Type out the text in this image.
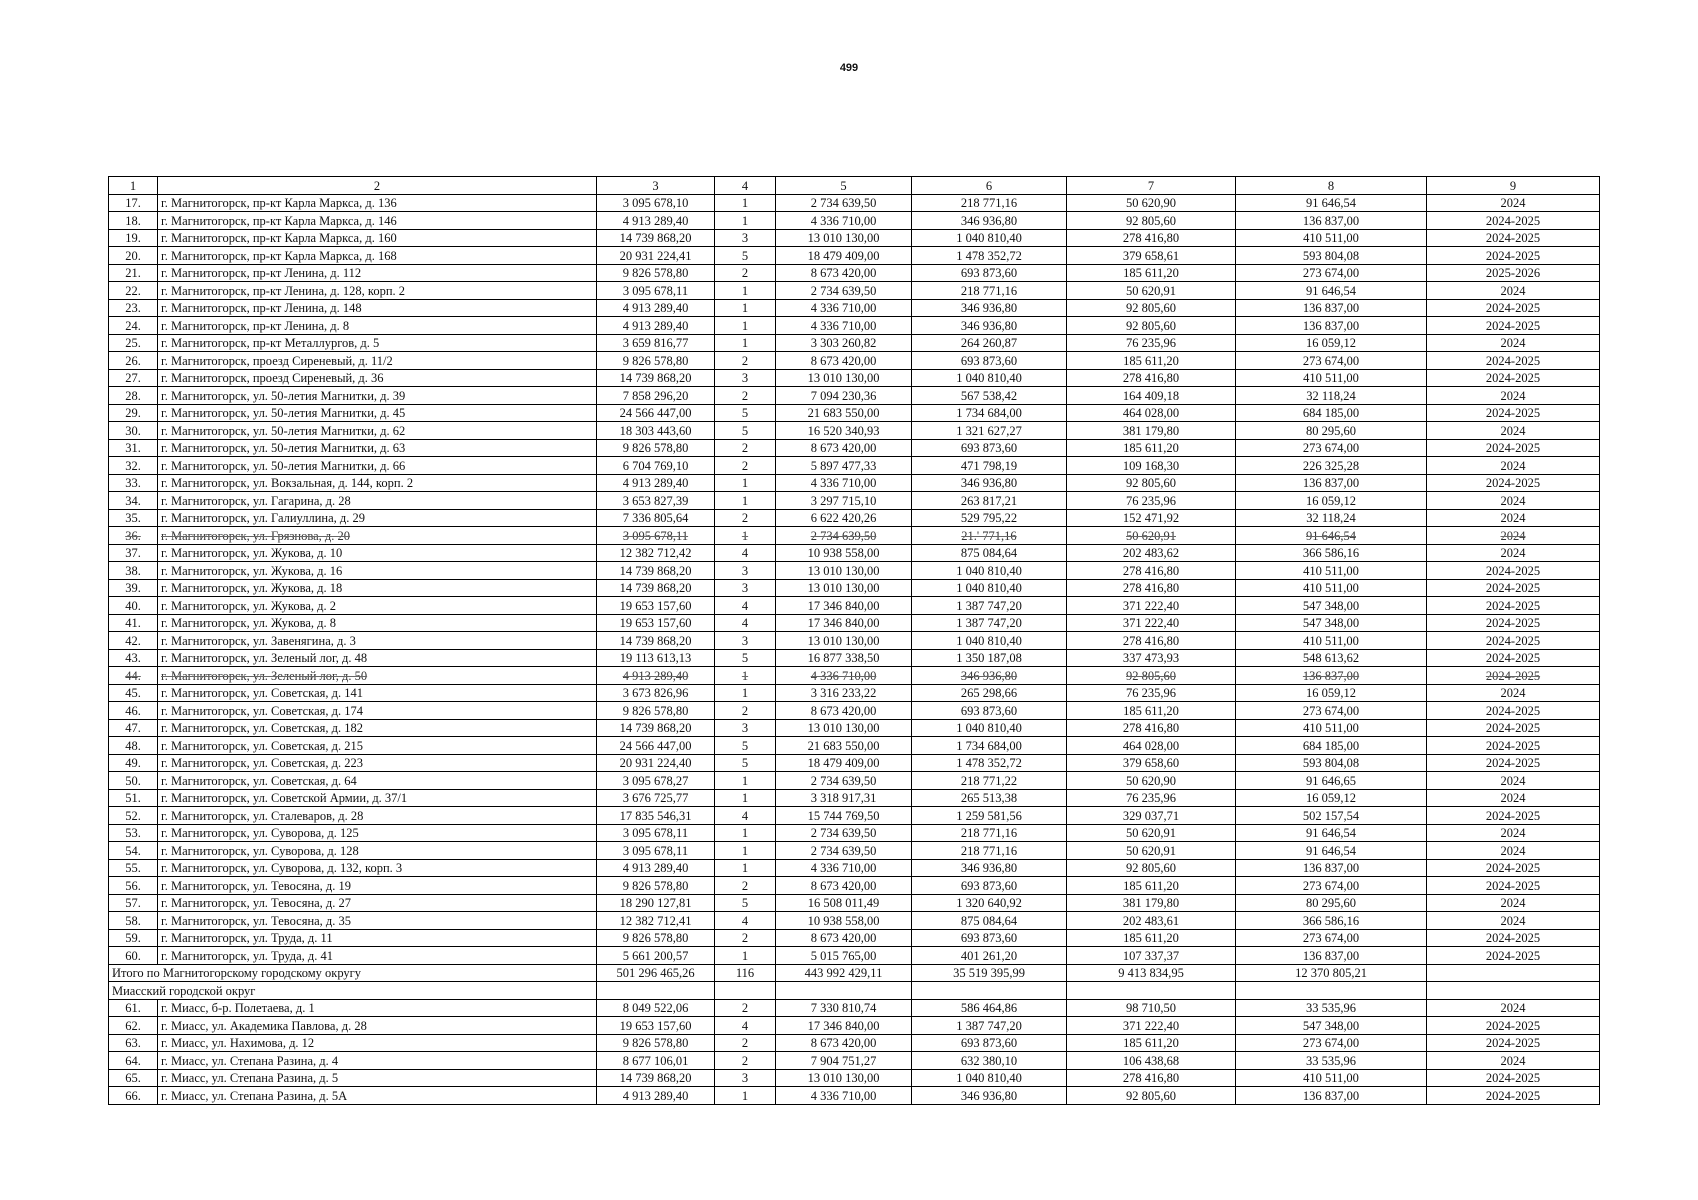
499
1	2	3	4	5	6	7	8	9
17.	г. Магнитогорск, пр-кт Карла Маркса, д. 136	3 095 678,10	1	2 734 639,50	218 771,16	50 620,90	91 646,54	2024
18.	г. Магнитогорск, пр-кт Карла Маркса, д. 146	4 913 289,40	1	4 336 710,00	346 936,80	92 805,60	136 837,00	2024-2025
19.	г. Магнитогорск, пр-кт Карла Маркса, д. 160	14 739 868,20	3	13 010 130,00	1 040 810,40	278 416,80	410 511,00	2024-2025
20.	г. Магнитогорск, пр-кт Карла Маркса, д. 168	20 931 224,41	5	18 479 409,00	1 478 352,72	379 658,61	593 804,08	2024-2025
21.	г. Магнитогорск, пр-кт Ленина, д. 112	9 826 578,80	2	8 673 420,00	693 873,60	185 611,20	273 674,00	2025-2026
22.	г. Магнитогорск, пр-кт Ленина, д. 128, корп. 2	3 095 678,11	1	2 734 639,50	218 771,16	50 620,91	91 646,54	2024
23.	г. Магнитогорск, пр-кт Ленина, д. 148	4 913 289,40	1	4 336 710,00	346 936,80	92 805,60	136 837,00	2024-2025
24.	г. Магнитогорск, пр-кт Ленина, д. 8	4 913 289,40	1	4 336 710,00	346 936,80	92 805,60	136 837,00	2024-2025
25.	г. Магнитогорск, пр-кт Металлургов, д. 5	3 659 816,77	1	3 303 260,82	264 260,87	76 235,96	16 059,12	2024
26.	г. Магнитогорск, проезд Сиреневый, д. 11/2	9 826 578,80	2	8 673 420,00	693 873,60	185 611,20	273 674,00	2024-2025
27.	г. Магнитогорск, проезд Сиреневый, д. 36	14 739 868,20	3	13 010 130,00	1 040 810,40	278 416,80	410 511,00	2024-2025
28.	г. Магнитогорск, ул. 50-летия Магнитки, д. 39	7 858 296,20	2	7 094 230,36	567 538,42	164 409,18	32 118,24	2024
29.	г. Магнитогорск, ул. 50-летия Магнитки, д. 45	24 566 447,00	5	21 683 550,00	1 734 684,00	464 028,00	684 185,00	2024-2025
30.	г. Магнитогорск, ул. 50-летия Магнитки, д. 62	18 303 443,60	5	16 520 340,93	1 321 627,27	381 179,80	80 295,60	2024
31.	г. Магнитогорск, ул. 50-летия Магнитки, д. 63	9 826 578,80	2	8 673 420,00	693 873,60	185 611,20	273 674,00	2024-2025
32.	г. Магнитогорск, ул. 50-летия Магнитки, д. 66	6 704 769,10	2	5 897 477,33	471 798,19	109 168,30	226 325,28	2024
33.	г. Магнитогорск, ул. Вокзальная, д. 144, корп. 2	4 913 289,40	1	4 336 710,00	346 936,80	92 805,60	136 837,00	2024-2025
34.	г. Магнитогорск, ул. Гагарина, д. 28	3 653 827,39	1	3 297 715,10	263 817,21	76 235,96	16 059,12	2024
35.	г. Магнитогорск, ул. Галиуллина, д. 29	7 336 805,64	2	6 622 420,26	529 795,22	152 471,92	32 118,24	2024
36.	г. Магнитогорск, ул. Грязнова, д. 20	3 095 678,11	1	2 734 639,50	21.' 771,16	50 620,91	91 646,54	2024
37.	г. Магнитогорск, ул. Жукова, д. 10	12 382 712,42	4	10 938 558,00	875 084,64	202 483,62	366 586,16	2024
38.	г. Магнитогорск, ул. Жукова, д. 16	14 739 868,20	3	13 010 130,00	1 040 810,40	278 416,80	410 511,00	2024-2025
39.	г. Магнитогорск, ул. Жукова, д. 18	14 739 868,20	3	13 010 130,00	1 040 810,40	278 416,80	410 511,00	2024-2025
40.	г. Магнитогорск, ул. Жукова, д. 2	19 653 157,60	4	17 346 840,00	1 387 747,20	371 222,40	547 348,00	2024-2025
41.	г. Магнитогорск, ул. Жукова, д. 8	19 653 157,60	4	17 346 840,00	1 387 747,20	371 222,40	547 348,00	2024-2025
42.	г. Магнитогорск, ул. Завенягина, д. 3	14 739 868,20	3	13 010 130,00	1 040 810,40	278 416,80	410 511,00	2024-2025
43.	г. Магнитогорск, ул. Зеленый лог, д. 48	19 113 613,13	5	16 877 338,50	1 350 187,08	337 473,93	548 613,62	2024-2025
44.	г. Магнитогорск, ул. Зеленый лог, д. 50	4 913 289,40	1	4 336 710,00	346 936,80	92 805,60	136 837,00	2024-2025
45.	г. Магнитогорск, ул. Советская, д. 141	3 673 826,96	1	3 316 233,22	265 298,66	76 235,96	16 059,12	2024
46.	г. Магнитогорск, ул. Советская, д. 174	9 826 578,80	2	8 673 420,00	693 873,60	185 611,20	273 674,00	2024-2025
47.	г. Магнитогорск, ул. Советская, д. 182	14 739 868,20	3	13 010 130,00	1 040 810,40	278 416,80	410 511,00	2024-2025
48.	г. Магнитогорск, ул. Советская, д. 215	24 566 447,00	5	21 683 550,00	1 734 684,00	464 028,00	684 185,00	2024-2025
49.	г. Магнитогорск, ул. Советская, д. 223	20 931 224,40	5	18 479 409,00	1 478 352,72	379 658,60	593 804,08	2024-2025
50.	г. Магнитогорск, ул. Советская, д. 64	3 095 678,27	1	2 734 639,50	218 771,22	50 620,90	91 646,65	2024
51.	г. Магнитогорск, ул. Советской Армии, д. 37/1	3 676 725,77	1	3 318 917,31	265 513,38	76 235,96	16 059,12	2024
52.	г. Магнитогорск, ул. Сталеваров, д. 28	17 835 546,31	4	15 744 769,50	1 259 581,56	329 037,71	502 157,54	2024-2025
53.	г. Магнитогорск, ул. Суворова, д. 125	3 095 678,11	1	2 734 639,50	218 771,16	50 620,91	91 646,54	2024
54.	г. Магнитогорск, ул. Суворова, д. 128	3 095 678,11	1	2 734 639,50	218 771,16	50 620,91	91 646,54	2024
55.	г. Магнитогорск, ул. Суворова, д. 132, корп. 3	4 913 289,40	1	4 336 710,00	346 936,80	92 805,60	136 837,00	2024-2025
56.	г. Магнитогорск, ул. Тевосяна, д. 19	9 826 578,80	2	8 673 420,00	693 873,60	185 611,20	273 674,00	2024-2025
57.	г. Магнитогорск, ул. Тевосяна, д. 27	18 290 127,81	5	16 508 011,49	1 320 640,92	381 179,80	80 295,60	2024
58.	г. Магнитогорск, ул. Тевосяна, д. 35	12 382 712,41	4	10 938 558,00	875 084,64	202 483,61	366 586,16	2024
59.	г. Магнитогорск, ул. Труда, д. 11	9 826 578,80	2	8 673 420,00	693 873,60	185 611,20	273 674,00	2024-2025
60.	г. Магнитогорск, ул. Труда, д. 41	5 661 200,57	1	5 015 765,00	401 261,20	107 337,37	136 837,00	2024-2025
Итого по Магнитогорскому городскому округу		501 296 465,26	116	443 992 429,11	35 519 395,99	9 413 834,95	12 370 805,21	
Миасский городской округ								
61.	г. Миасс, б-р. Полетаева, д. 1	8 049 522,06	2	7 330 810,74	586 464,86	98 710,50	33 535,96	2024
62.	г. Миасс, ул. Академика Павлова, д. 28	19 653 157,60	4	17 346 840,00	1 387 747,20	371 222,40	547 348,00	2024-2025
63.	г. Миасс, ул. Нахимова, д. 12	9 826 578,80	2	8 673 420,00	693 873,60	185 611,20	273 674,00	2024-2025
64.	г. Миасс, ул. Степана Разина, д. 4	8 677 106,01	2	7 904 751,27	632 380,10	106 438,68	33 535,96	2024
65.	г. Миасс, ул. Степана Разина, д. 5	14 739 868,20	3	13 010 130,00	1 040 810,40	278 416,80	410 511,00	2024-2025
66.	г. Миасс, ул. Степана Разина, д. 5А	4 913 289,40	1	4 336 710,00	346 936,80	92 805,60	136 837,00	2024-2025
